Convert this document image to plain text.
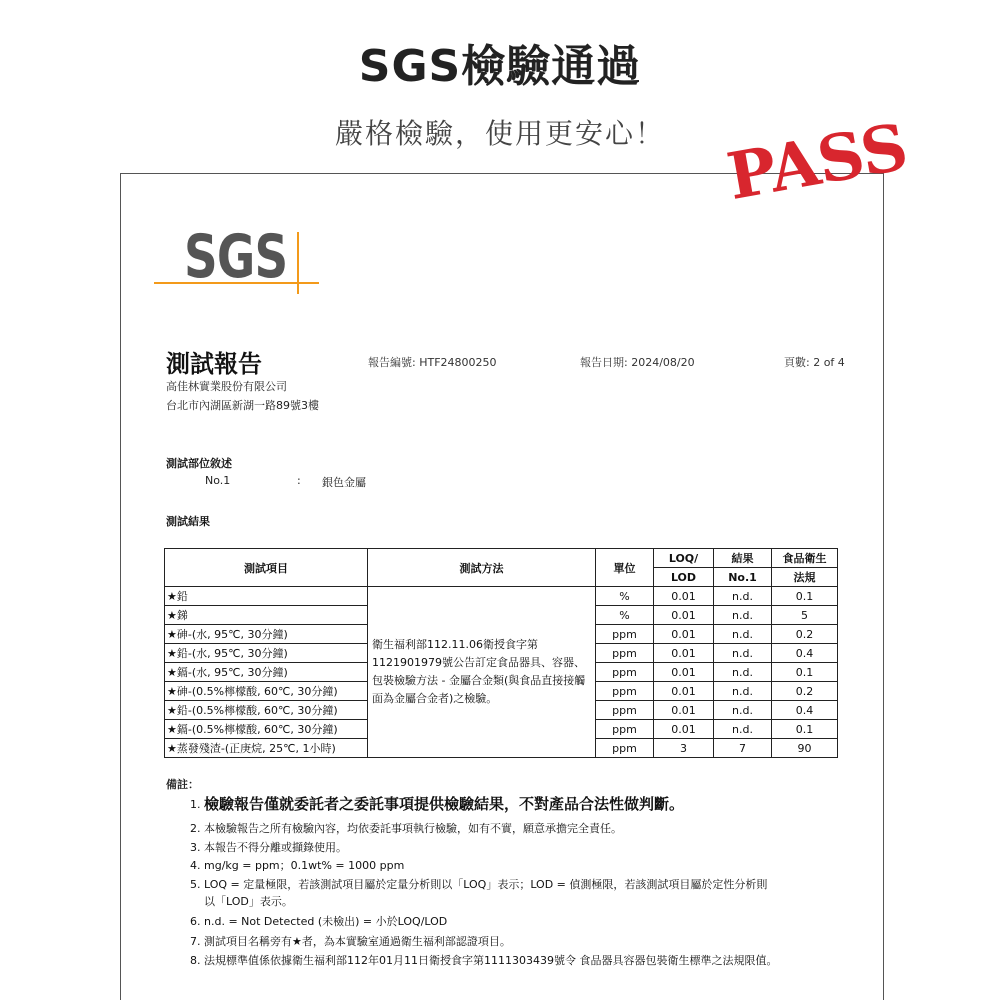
SGS檢驗通過
嚴格檢驗，使用更安心！ PASS
SGS
測試報告	報告編號: HTF24800250	報告日期: 2024/08/20	頁數: 2 of 4
高佳林實業股份有限公司
台北市內湖區新湖一路89號3樓
測試部位敘述
No.1	: 銀色金屬
測試結果
測試項目	測試方法	單位	LOQ/	結果	食品衛生
			LOD	No.1	法規
★鉛	衛生福利部112.11.06衛授食字第1121901979號公告訂定食品器具、容器、包裝檢驗方法 - 金屬合金類(與食品直接接觸面為金屬合金者)之檢驗。	%	0.01	n.d.	0.1
★銻		%	0.01	n.d.	5
★砷-(水, 95℃, 30分鐘)		ppm	0.01	n.d.	0.2
★鉛-(水, 95℃, 30分鐘)		ppm	0.01	n.d.	0.4
★鎘-(水, 95℃, 30分鐘)		ppm	0.01	n.d.	0.1
★砷-(0.5%檸檬酸, 60℃, 30分鐘)		ppm	0.01	n.d.	0.2
★鉛-(0.5%檸檬酸, 60℃, 30分鐘)		ppm	0.01	n.d.	0.4
★鎘-(0.5%檸檬酸, 60℃, 30分鐘)		ppm	0.01	n.d.	0.1
★蒸發殘渣-(正庚烷, 25℃, 1小時)		ppm	3	7	90
備註：
1. 檢驗報告僅就委託者之委託事項提供檢驗結果，不對產品合法性做判斷。
2. 本檢驗報告之所有檢驗內容，均依委託事項執行檢驗，如有不實，願意承擔完全責任。
3. 本報告不得分離或擷錄使用。
4. mg/kg = ppm；0.1wt% = 1000 ppm
5. LOQ = 定量極限，若該測試項目屬於定量分析則以「LOQ」表示；LOD = 偵測極限，若該測試項目屬於定性分析則
以「LOD」表示。
6. n.d. = Not Detected (未檢出) = 小於LOQ/LOD
7. 測試項目名稱旁有★者，為本實驗室通過衛生福利部認證項目。
8. 法規標準值係依據衛生福利部112年01月11日衛授食字第1111303439號令 食品器具容器包裝衛生標準之法規限值。
